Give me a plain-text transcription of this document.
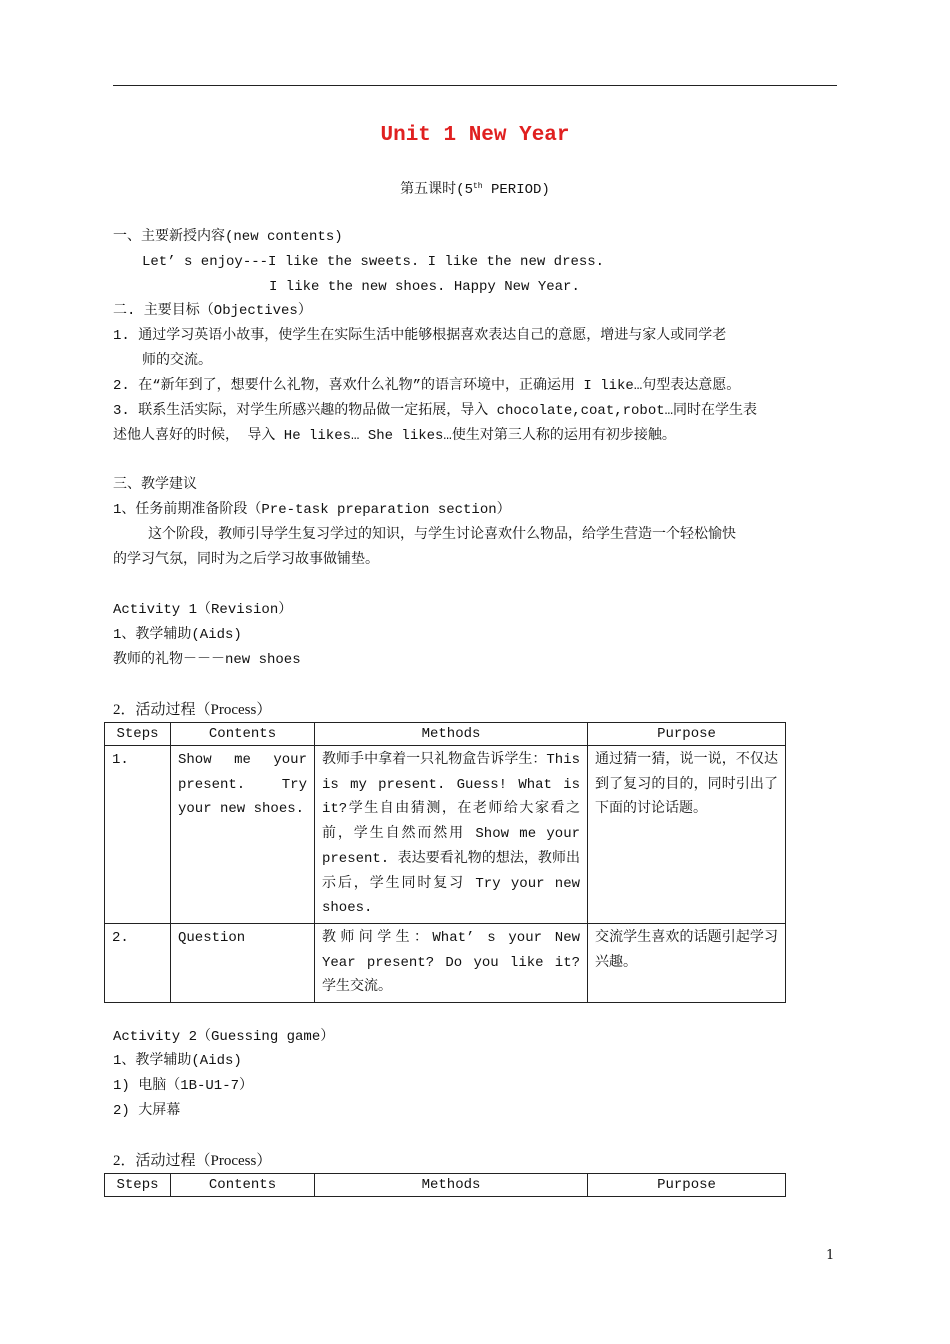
Unit 1 New Year
第五课时(5th PERIOD)
一、主要新授内容(new contents)
Let’ s enjoy---I like the sweets. I like the new dress.
I like the new shoes. Happy New Year.
二. 主要目标（Objectives）
1. 通过学习英语小故事，使学生在实际生活中能够根据喜欢表达自己的意愿，增进与家人或同学老
师的交流。
2. 在“新年到了，想要什么礼物，喜欢什么礼物”的语言环境中，正确运用 I like…句型表达意愿。
3. 联系生活实际，对学生所感兴趣的物品做一定拓展，导入 chocolate,coat,robot…同时在学生表
述他人喜好的时候， 导入 He likes… She likes…使生对第三人称的运用有初步接触。
三、教学建议
1、任务前期准备阶段（Pre-task preparation section）
这个阶段，教师引导学生复习学过的知识，与学生讨论喜欢什么物品，给学生营造一个轻松愉快
的学习气氛，同时为之后学习故事做铺垫。
Activity 1（Revision）
1、教学辅助(Aids)
教师的礼物－－－new shoes
2．活动过程（Process）
Steps	Contents	Methods	Purpose
1.	Show me your present. Try your new shoes.	教师手中拿着一只礼物盒告诉学生：This is my present. Guess! What is it?学生自由猜测，在老师给大家看之前，学生自然而然用 Show me your present. 表达要看礼物的想法，教师出示后，学生同时复习 Try your new shoes.	通过猜一猜，说一说，不仅达到了复习的目的，同时引出了下面的讨论话题。
2.	Question	教师问学生：What’ s your New Year present? Do you like it? 学生交流。	交流学生喜欢的话题引起学习兴趣。
Activity 2（Guessing game）
1、教学辅助(Aids)
1) 电脑（1B-U1-7）
2) 大屏幕
2．活动过程（Process）
Steps	Contents	Methods	Purpose
1
